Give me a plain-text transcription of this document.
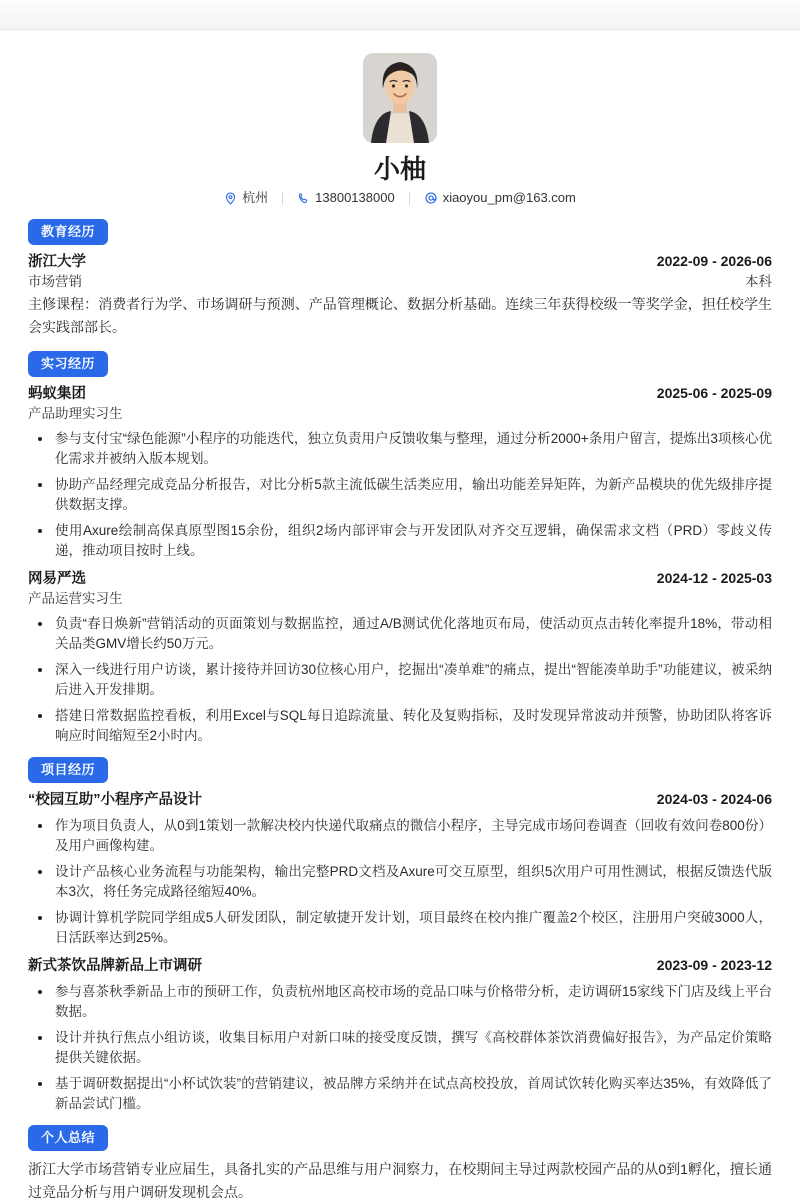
小柚
杭州	13800138000	xiaoyou_pm@163.com
教育经历
浙江大学	2022-09 - 2026-06
市场营销	本科
主修课程：消费者行为学、市场调研与预测、产品管理概论、数据分析基础。连续三年获得校级一等奖学金，担任校学生会实践部部长。
实习经历
蚂蚁集团	2025-06 - 2025-09
产品助理实习生
参与支付宝“绿色能源”小程序的功能迭代，独立负责用户反馈收集与整理，通过分析2000+条用户留言，提炼出3项核心优化需求并被纳入版本规划。
协助产品经理完成竞品分析报告，对比分析5款主流低碳生活类应用，输出功能差异矩阵，为新产品模块的优先级排序提供数据支撑。
使用Axure绘制高保真原型图15余份，组织2场内部评审会与开发团队对齐交互逻辑，确保需求文档（PRD）零歧义传递，推动项目按时上线。
网易严选	2024-12 - 2025-03
产品运营实习生
负责“春日焕新”营销活动的页面策划与数据监控，通过A/B测试优化落地页布局，使活动页点击转化率提升18%，带动相关品类GMV增长约50万元。
深入一线进行用户访谈，累计接待并回访30位核心用户，挖掘出“凑单难”的痛点，提出“智能凑单助手”功能建议，被采纳后进入开发排期。
搭建日常数据监控看板，利用Excel与SQL每日追踪流量、转化及复购指标，及时发现异常波动并预警，协助团队将客诉响应时间缩短至2小时内。
项目经历
“校园互助”小程序产品设计	2024-03 - 2024-06
作为项目负责人，从0到1策划一款解决校内快递代取痛点的微信小程序，主导完成市场问卷调查（回收有效问卷800份）及用户画像构建。
设计产品核心业务流程与功能架构，输出完整PRD文档及Axure可交互原型，组织5次用户可用性测试，根据反馈迭代版本3次，将任务完成路径缩短40%。
协调计算机学院同学组成5人研发团队，制定敏捷开发计划，项目最终在校内推广覆盖2个校区，注册用户突破3000人，日活跃率达到25%。
新式茶饮品牌新品上市调研	2023-09 - 2023-12
参与喜茶秋季新品上市的预研工作，负责杭州地区高校市场的竞品口味与价格带分析，走访调研15家线下门店及线上平台数据。
设计并执行焦点小组访谈，收集目标用户对新口味的接受度反馈，撰写《高校群体茶饮消费偏好报告》，为产品定价策略提供关键依据。
基于调研数据提出“小杯试饮装”的营销建议，被品牌方采纳并在试点高校投放，首周试饮转化购买率达35%，有效降低了新品尝试门槛。
个人总结
浙江大学市场营销专业应届生，具备扎实的产品思维与用户洞察力，在校期间主导过两款校园产品的从0到1孵化，擅长通过竞品分析与用户调研发现机会点。
